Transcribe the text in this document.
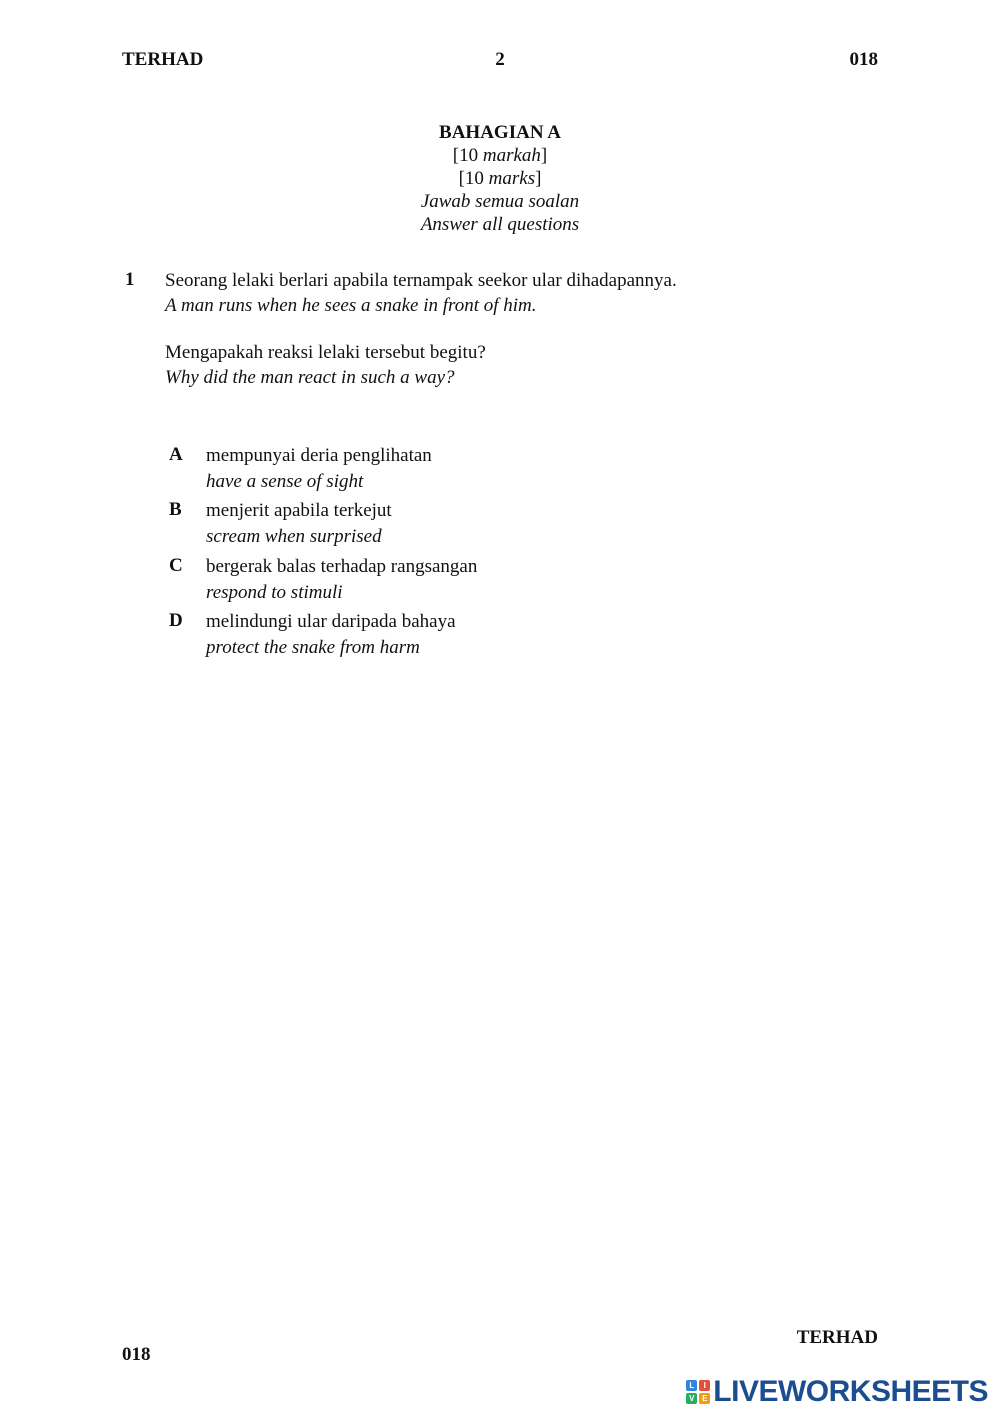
TERHAD	2	018
BAHAGIAN A
[10 markah]
[10 marks]
Jawab semua soalan
Answer all questions
1 Seorang lelaki berlari apabila ternampak seekor ular dihadapannya.
A man runs when he sees a snake in front of him.
Mengapakah reaksi lelaki tersebut begitu?
Why did the man react in such a way?
A mempunyai deria penglihatan
have a sense of sight
B menjerit apabila terkejut
scream when surprised
C bergerak balas terhadap rangsangan
respond to stimuli
D melindungi ular daripada bahaya
protect the snake from harm
TERHAD
018
L	I
V E LIVEWORKSHEETS
